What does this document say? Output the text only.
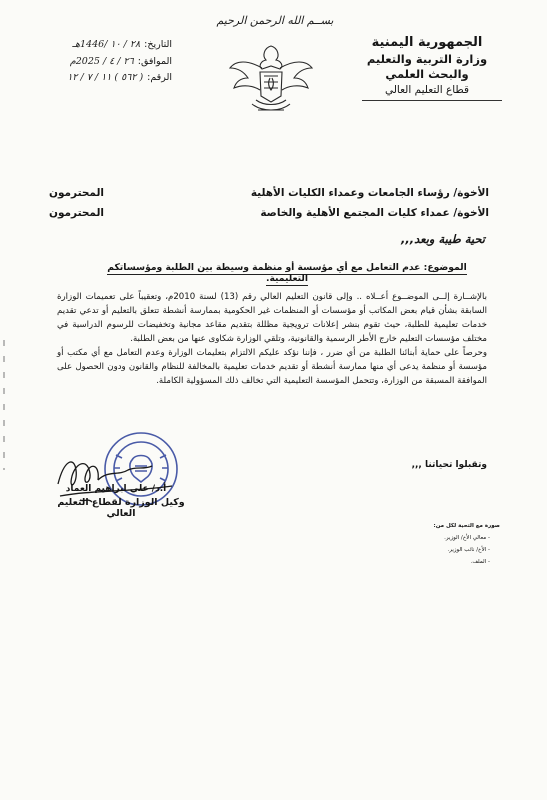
بســم الله الرحمن الرحيم
الجمهورية اليمنية
وزارة التربية والتعليم والبحث العلمي
قطاع التعليم العالي
التاريخ:
٢٨ / ١٠ /1446هـ
الموافق:
٢٦ / ٤ / 2025م
الرقم:
( ٥٦٢ ) ١١ / ٧ / ١٢
الأخوة/ رؤساء الجامعات وعمداء الكليات الأهلية
المحترمون
الأخوة/ عمداء كليات المجتمع الأهلية والخاصة
المحترمون
تحية طيبة وبعد,,,
الموضوع: عدم التعامل مع أي مؤسسة أو منظمة وسيطة بين الطلبة ومؤسساتكم التعليمية.

بالإشــارة إلــى الموضــوع أعــلاه .. وإلى قانون التعليم العالي رقم (13) لسنة 2010م، وتعقيباً على تعميمات الوزارة السابقة بشأن قيام بعض المكاتب أو مؤسسات أو المنظمات غير الحكومية بممارسة أنشطة تتعلق بالتعليم أو تدعي تقديم خدمات تعليمية للطلبة، حيث تقوم بنشر إعلانات ترويجية مظللة بتقديم مقاعد مجانية وتخفيضات للرسوم الدراسية في مختلف مؤسسات التعليم خارج الأطر الرسمية والقانونية، وتلقي الوزارة شكاوى عنها من بعض الطلبة.

وحرصاً على حماية أبنائنا الطلبة من أي ضرر ، فإننا نؤكد عليكم الالتزام بتعليمات الوزارة وعدم التعامل مع أي مكتب أو مؤسسة أو منظمة يدعى أي منها ممارسة أنشطة أو تقديم خدمات تعليمية بالمخالفة للنظام والقانون ودون الحصول على الموافقة المسبقة من الوزارة، وتتحمل المؤسسة التعليمية التي تخالف ذلك المسؤولية الكاملة.

وتقبلوا تحياتنا ,,,
أ.د/ علي ابراهيم العماد
وكيل الوزارة لقطاع التعليم العالي
صورة مع التحية لكل من:
- معالي الأخ/ الوزير.
- الأخ/ نائب الوزير.
- الملف.
